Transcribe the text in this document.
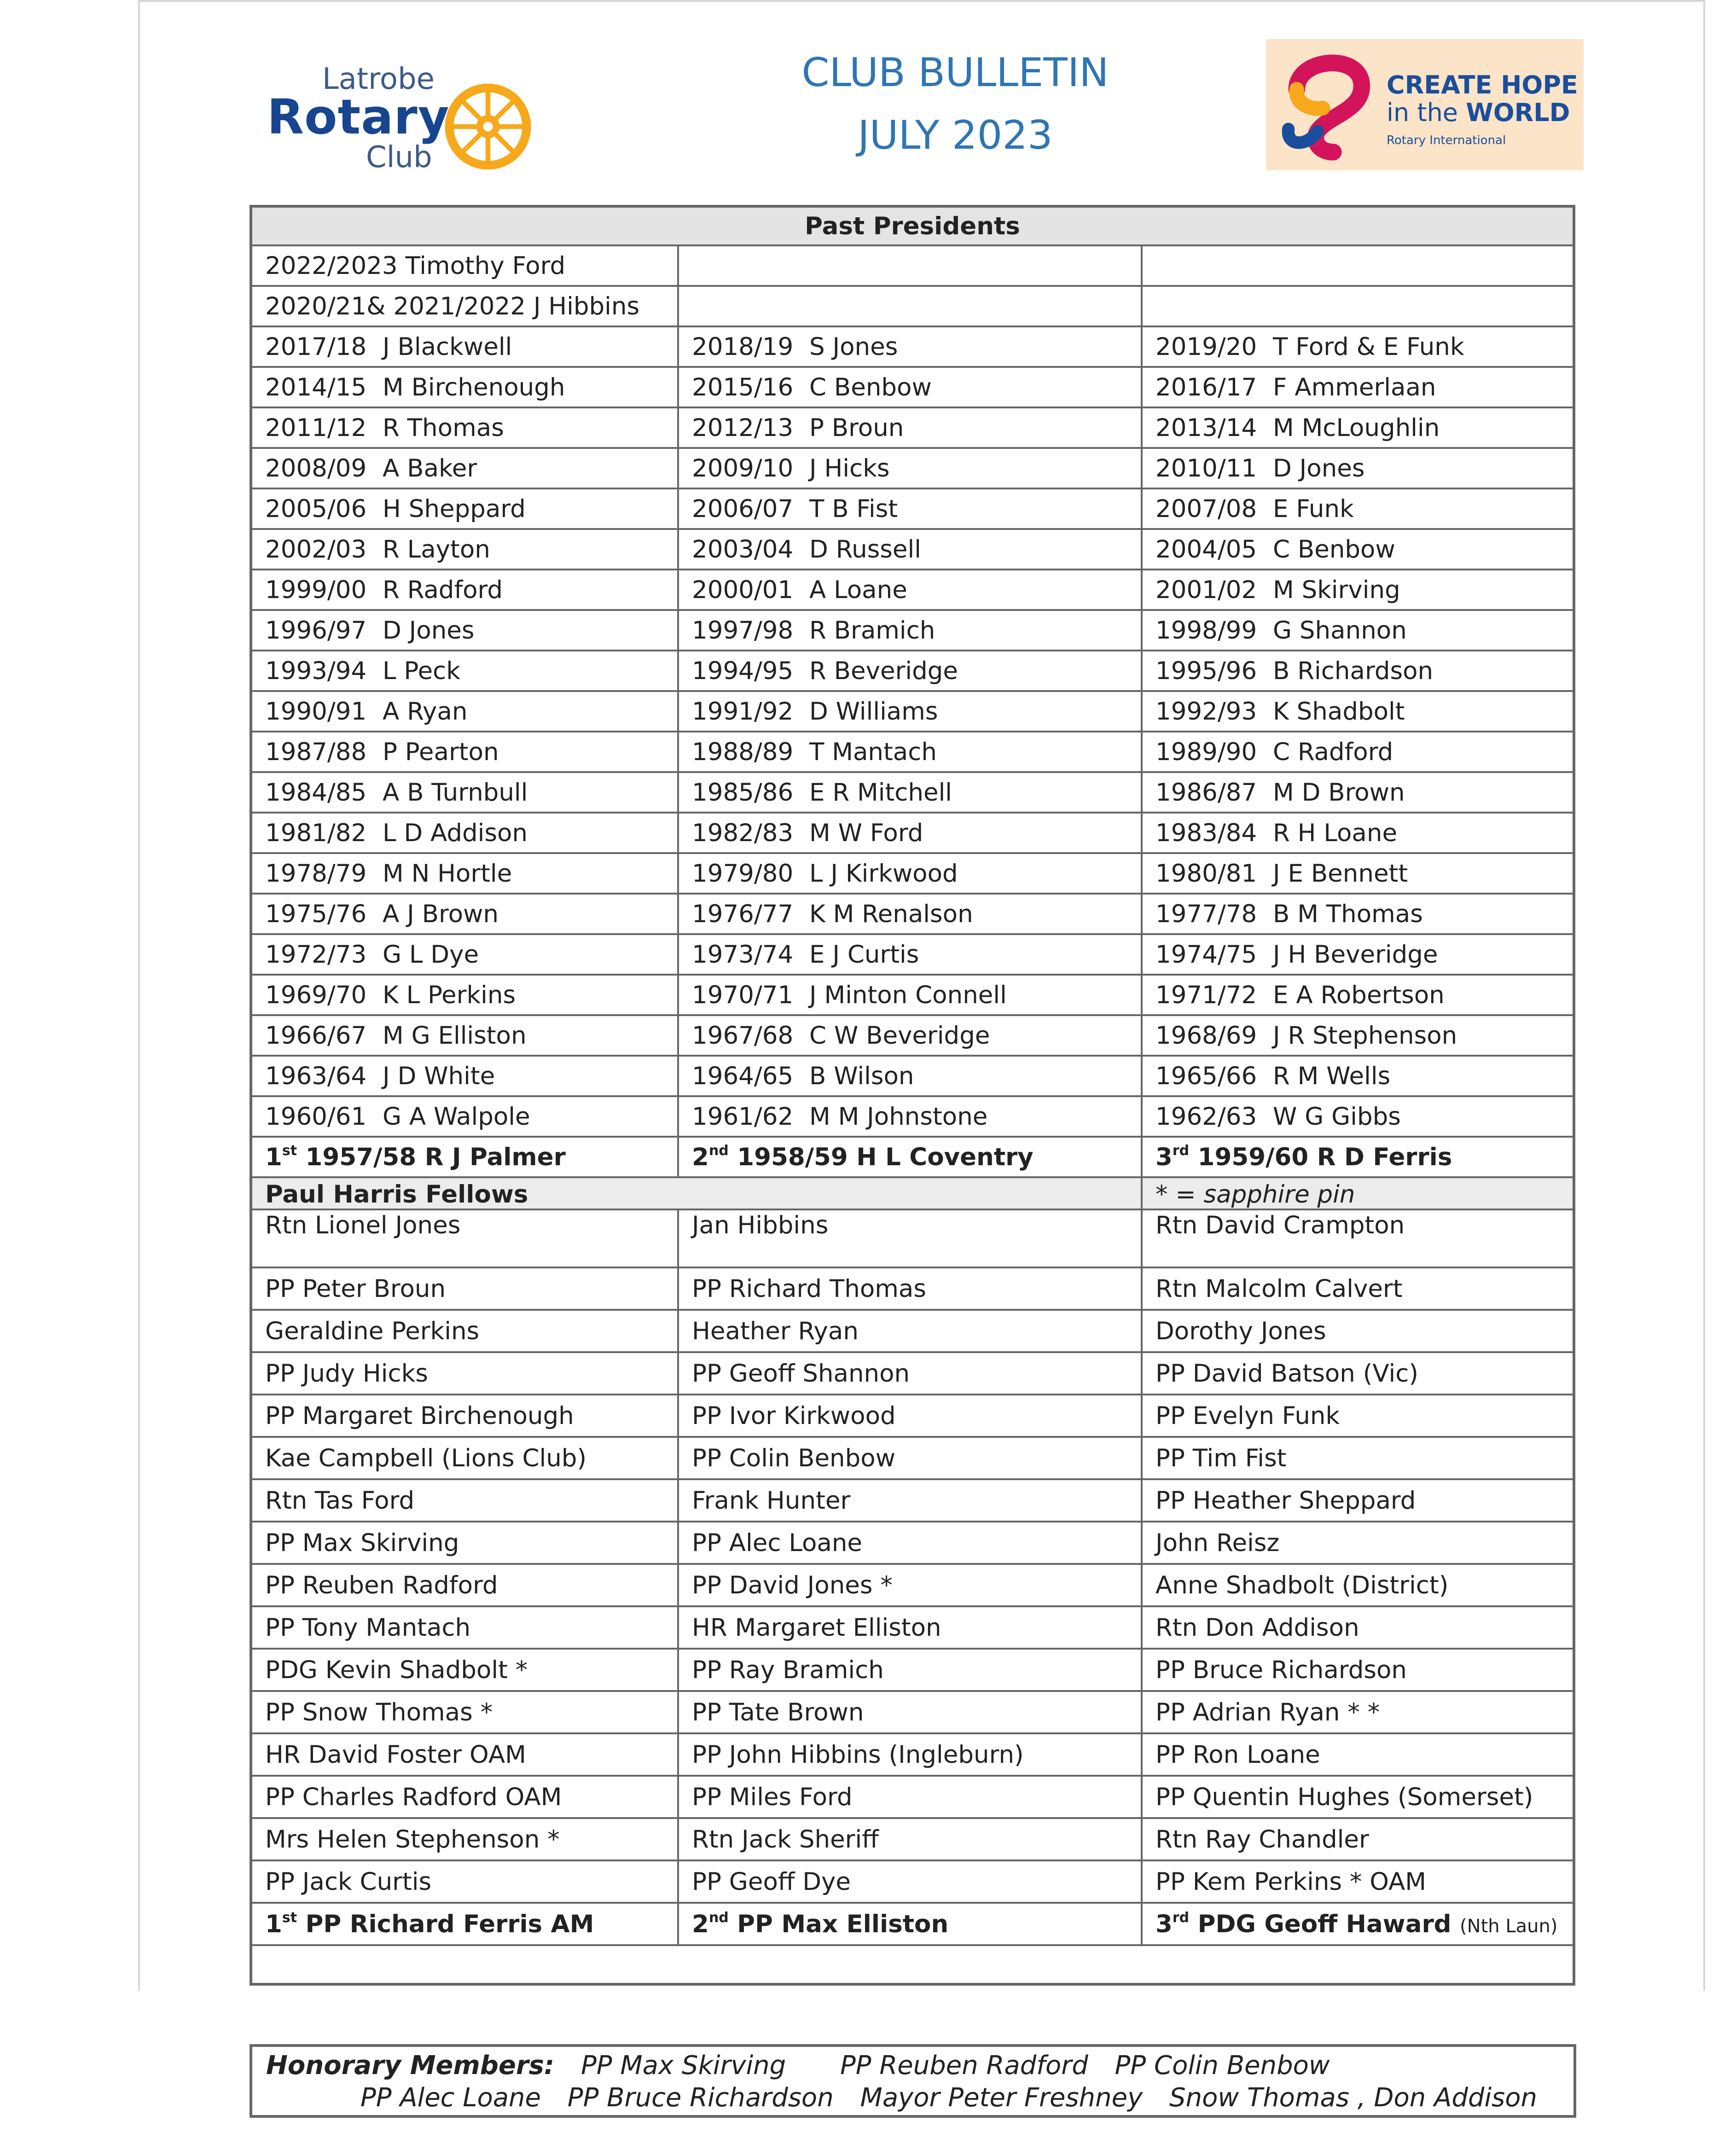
Latrobe
Rotary
Club
CLUB BULLETIN
JULY 2023
CREATE HOPE
in the WORLD
Rotary International
Past Presidents		
2022/2023 Timothy Ford		
2020/21& 2021/2022 J Hibbins		
2017/18 J Blackwell	2018/19 S Jones	2019/20 T Ford & E Funk
2014/15 M Birchenough	2015/16 C Benbow	2016/17 F Ammerlaan
2011/12 R Thomas	2012/13 P Broun	2013/14 M McLoughlin
2008/09 A Baker	2009/10 J Hicks	2010/11 D Jones
2005/06 H Sheppard	2006/07 T B Fist	2007/08 E Funk
2002/03 R Layton	2003/04 D Russell	2004/05 C Benbow
1999/00 R Radford	2000/01 A Loane	2001/02 M Skirving
1996/97 D Jones	1997/98 R Bramich	1998/99 G Shannon
1993/94 L Peck	1994/95 R Beveridge	1995/96 B Richardson
1990/91 A Ryan	1991/92 D Williams	1992/93 K Shadbolt
1987/88 P Pearton	1988/89 T Mantach	1989/90 C Radford
1984/85 A B Turnbull	1985/86 E R Mitchell	1986/87 M D Brown
1981/82 L D Addison	1982/83 M W Ford	1983/84 R H Loane
1978/79 M N Hortle	1979/80 L J Kirkwood	1980/81 J E Bennett
1975/76 A J Brown	1976/77 K M Renalson	1977/78 B M Thomas
1972/73 G L Dye	1973/74 E J Curtis	1974/75 J H Beveridge
1969/70 K L Perkins	1970/71 J Minton Connell	1971/72 E A Robertson
1966/67 M G Elliston	1967/68 C W Beveridge	1968/69 J R Stephenson
1963/64 J D White	1964/65 B Wilson	1965/66 R M Wells
1960/61 G A Walpole	1961/62 M M Johnstone	1962/63 W G Gibbs
1st 1957/58 R J Palmer	2nd 1958/59 H L Coventry	3rd 1959/60 R D Ferris
Paul Harris Fellows		* = sapphire pin
Rtn Lionel Jones	Jan Hibbins	Rtn David Crampton
PP Peter Broun	PP Richard Thomas	Rtn Malcolm Calvert
Geraldine Perkins	Heather Ryan	Dorothy Jones
PP Judy Hicks	PP Geoff Shannon	PP David Batson (Vic)
PP Margaret Birchenough	PP Ivor Kirkwood	PP Evelyn Funk
Kae Campbell (Lions Club)	PP Colin Benbow	PP Tim Fist
Rtn Tas Ford	Frank Hunter	PP Heather Sheppard
PP Max Skirving	PP Alec Loane	John Reisz
PP Reuben Radford	PP David Jones *	Anne Shadbolt (District)
PP Tony Mantach	HR Margaret Elliston	Rtn Don Addison
PDG Kevin Shadbolt *	PP Ray Bramich	PP Bruce Richardson
PP Snow Thomas *	PP Tate Brown	PP Adrian Ryan * *
HR David Foster OAM	PP John Hibbins (Ingleburn)	PP Ron Loane
PP Charles Radford OAM	PP Miles Ford	PP Quentin Hughes (Somerset)
Mrs Helen Stephenson *	Rtn Jack Sheriff	Rtn Ray Chandler
PP Jack Curtis	PP Geoff Dye	PP Kem Perkins * OAM
1st PP Richard Ferris AM	2nd PP Max Elliston	3rd PDG Geoff Haward (Nth Laun)

Honorary Members: PP Max Skirving PP Reuben Radford PP Colin Benbow
PP Alec Loane PP Bruce Richardson Mayor Peter Freshney Snow Thomas , Don Addison
